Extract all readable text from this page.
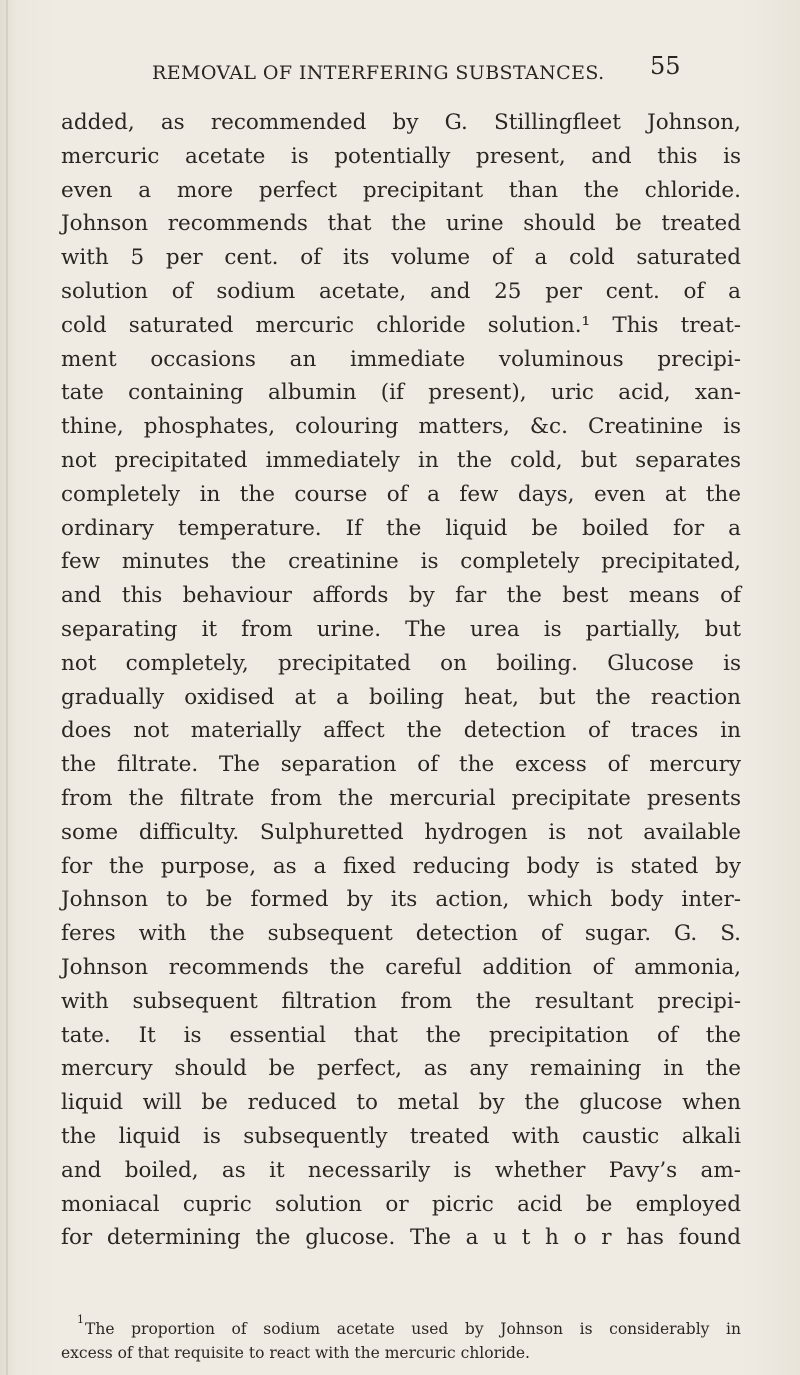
REMOVAL OF INTERFERING SUBSTANCES. 55
added, as recommended by G. Stillingfleet Johnson,
mercuric acetate is potentially present, and this is
even a more perfect precipitant than the chloride.
Johnson recommends that the urine should be treated
with 5 per cent. of its volume of a cold saturated
solution of sodium acetate, and 25 per cent. of a
cold saturated mercuric chloride solution.¹ This treat-
ment occasions an immediate voluminous precipi-
tate containing albumin (if present), uric acid, xan-
thine, phosphates, colouring matters, &c. Creatinine is
not precipitated immediately in the cold, but separates
completely in the course of a few days, even at the
ordinary temperature. If the liquid be boiled for a
few minutes the creatinine is completely precipitated,
and this behaviour affords by far the best means of
separating it from urine. The urea is partially, but
not completely, precipitated on boiling. Glucose is
gradually oxidised at a boiling heat, but the reaction
does not materially affect the detection of traces in
the filtrate. The separation of the excess of mercury
from the filtrate from the mercurial precipitate presents
some difficulty. Sulphuretted hydrogen is not available
for the purpose, as a fixed reducing body is stated by
Johnson to be formed by its action, which body inter-
feres with the subsequent detection of sugar. G. S.
Johnson recommends the careful addition of ammonia,
with subsequent filtration from the resultant precipi-
tate. It is essential that the precipitation of the
mercury should be perfect, as any remaining in the
liquid will be reduced to metal by the glucose when
the liquid is subsequently treated with caustic alkali
and boiled, as it necessarily is whether Pavy’s am-
moniacal cupric solution or picric acid be employed
for determining the glucose. The a u t h o r has found
1
The proportion of sodium acetate used by Johnson is considerably in
excess of that requisite to react with the mercuric chloride.
